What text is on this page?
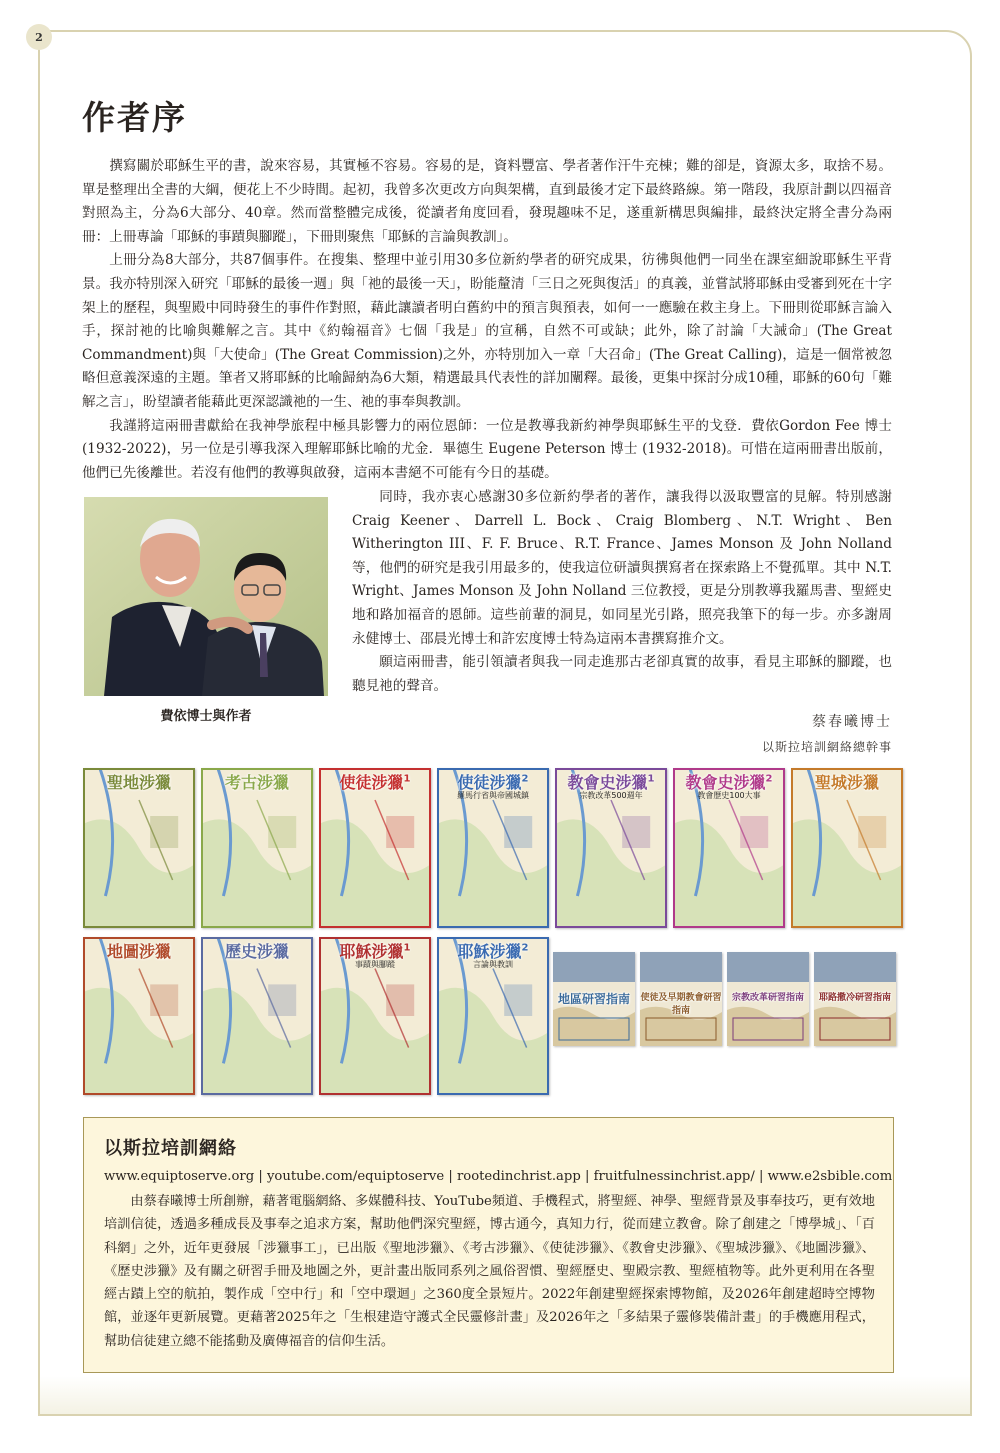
2
作者序

撰寫關於耶穌生平的書，說來容易，其實極不容易。容易的是，資料豐富、學者著作汗牛充棟；難的卻是，資源太多，取捨不易。單是整理出全書的大綱，便花上不少時間。起初，我曾多次更改方向與架構，直到最後才定下最終路線。第一階段，我原計劃以四福音對照為主，分為6大部分、40章。然而當整體完成後，從讀者角度回看，發現趣味不足，遂重新構思與編排，最終決定將全書分為兩冊：上冊專論「耶穌的事蹟與腳蹤」，下冊則聚焦「耶穌的言論與教訓」。

上冊分為8大部分，共87個事件。在搜集、整理中並引用30多位新約學者的研究成果，彷彿與他們一同坐在課室細說耶穌生平背景。我亦特別深入研究「耶穌的最後一週」與「祂的最後一天」，盼能釐清「三日之死與復活」的真義，並嘗試將耶穌由受審到死在十字架上的歷程，與聖殿中同時發生的事件作對照，藉此讓讀者明白舊約中的預言與預表，如何一一應驗在救主身上。下冊則從耶穌言論入手，探討祂的比喻與難解之言。其中《約翰福音》七個「我是」的宣稱，自然不可或缺；此外，除了討論「大誡命」(The Great Commandment)與「大使命」(The Great Commission)之外，亦特別加入一章「大召命」(The Great Calling)，這是一個常被忽略但意義深遠的主題。筆者又將耶穌的比喻歸納為6大類，精選最具代表性的詳加闡釋。最後，更集中探討分成10種，耶穌的60句「難解之言」，盼望讀者能藉此更深認識祂的一生、祂的事奉與教訓。

我謹將這兩冊書獻給在我神學旅程中極具影響力的兩位恩師：一位是教導我新約神學與耶穌生平的戈登．費依Gordon Fee 博士 (1932-2022)，另一位是引導我深入理解耶穌比喻的尤金．畢德生 Eugene Peterson 博士 (1932-2018)。可惜在這兩冊書出版前，他們已先後離世。若沒有他們的教導與啟發，這兩本書絕不可能有今日的基礎。

費依博士與作者

同時，我亦衷心感謝30多位新約學者的著作，讓我得以汲取豐富的見解。特別感謝 Craig Keener、Darrell L. Bock、Craig Blomberg、N.T. Wright、Ben Witherington III、F. F. Bruce、R.T. France、James Monson 及 John Nolland 等，他們的研究是我引用最多的，使我這位研讀與撰寫者在探索路上不覺孤單。其中 N.T. Wright、James Monson 及 John Nolland 三位教授，更是分別教導我羅馬書、聖經史地和路加福音的恩師。這些前輩的洞見，如同星光引路，照亮我筆下的每一步。亦多謝周永健博士、邵晨光博士和許宏度博士特為這兩本書撰寫推介文。

願這兩冊書，能引領讀者與我一同走進那古老卻真實的故事，看見主耶穌的腳蹤，也聽見祂的聲音。

蔡春曦博士
以斯拉培訓網絡總幹事
聖地涉獵	考古涉獵	使徒涉獵$^1$	使徒涉獵$^2$
羅馬行省與帝國城鎮
教會史涉獵$^1$
宗教改革500週年
教會史涉獵$^2$
教會歷史100大事
聖城涉獵
地圖涉獵	歷史涉獵	耶穌涉獵$^1$
事蹟與腳蹤
耶穌涉獵$^2$
言論與教訓
地區研習指南	使徒及早期教會研習指南
宗教改革研習指南	耶路撒冷研習指南
以斯拉培訓網絡
www.equiptoserve.org | youtube.com/equiptoserve | rootedinchrist.app | fruitfulnessinchrist.app/ | www.e2sbible.com

由蔡春曦博士所創辦，藉著電腦網絡、多媒體科技、YouTube頻道、手機程式，將聖經、神學、聖經背景及事奉技巧，更有效地培訓信徒，透過多種成長及事奉之追求方案，幫助他們深究聖經，博古通今，真知力行，從而建立教會。除了創建之「博學城」、「百科網」之外，近年更發展「涉獵事工」，已出版《聖地涉獵》、《考古涉獵》、《使徒涉獵》、《教會史涉獵》、《聖城涉獵》、《地圖涉獵》、《歷史涉獵》及有關之研習手冊及地圖之外，更計畫出版同系列之風俗習慣、聖經歷史、聖殿宗教、聖經植物等。此外更利用在各聖經古蹟上空的航拍，製作成「空中行」和「空中環迴」之360度全景短片。2022年創建聖經探索博物館，及2026年創建超時空博物館，並逐年更新展覽。更藉著2025年之「生根建造守護式全民靈修計畫」及2026年之「多結果子靈修裝備計畫」的手機應用程式，幫助信徒建立總不能搖動及廣傳福音的信仰生活。
